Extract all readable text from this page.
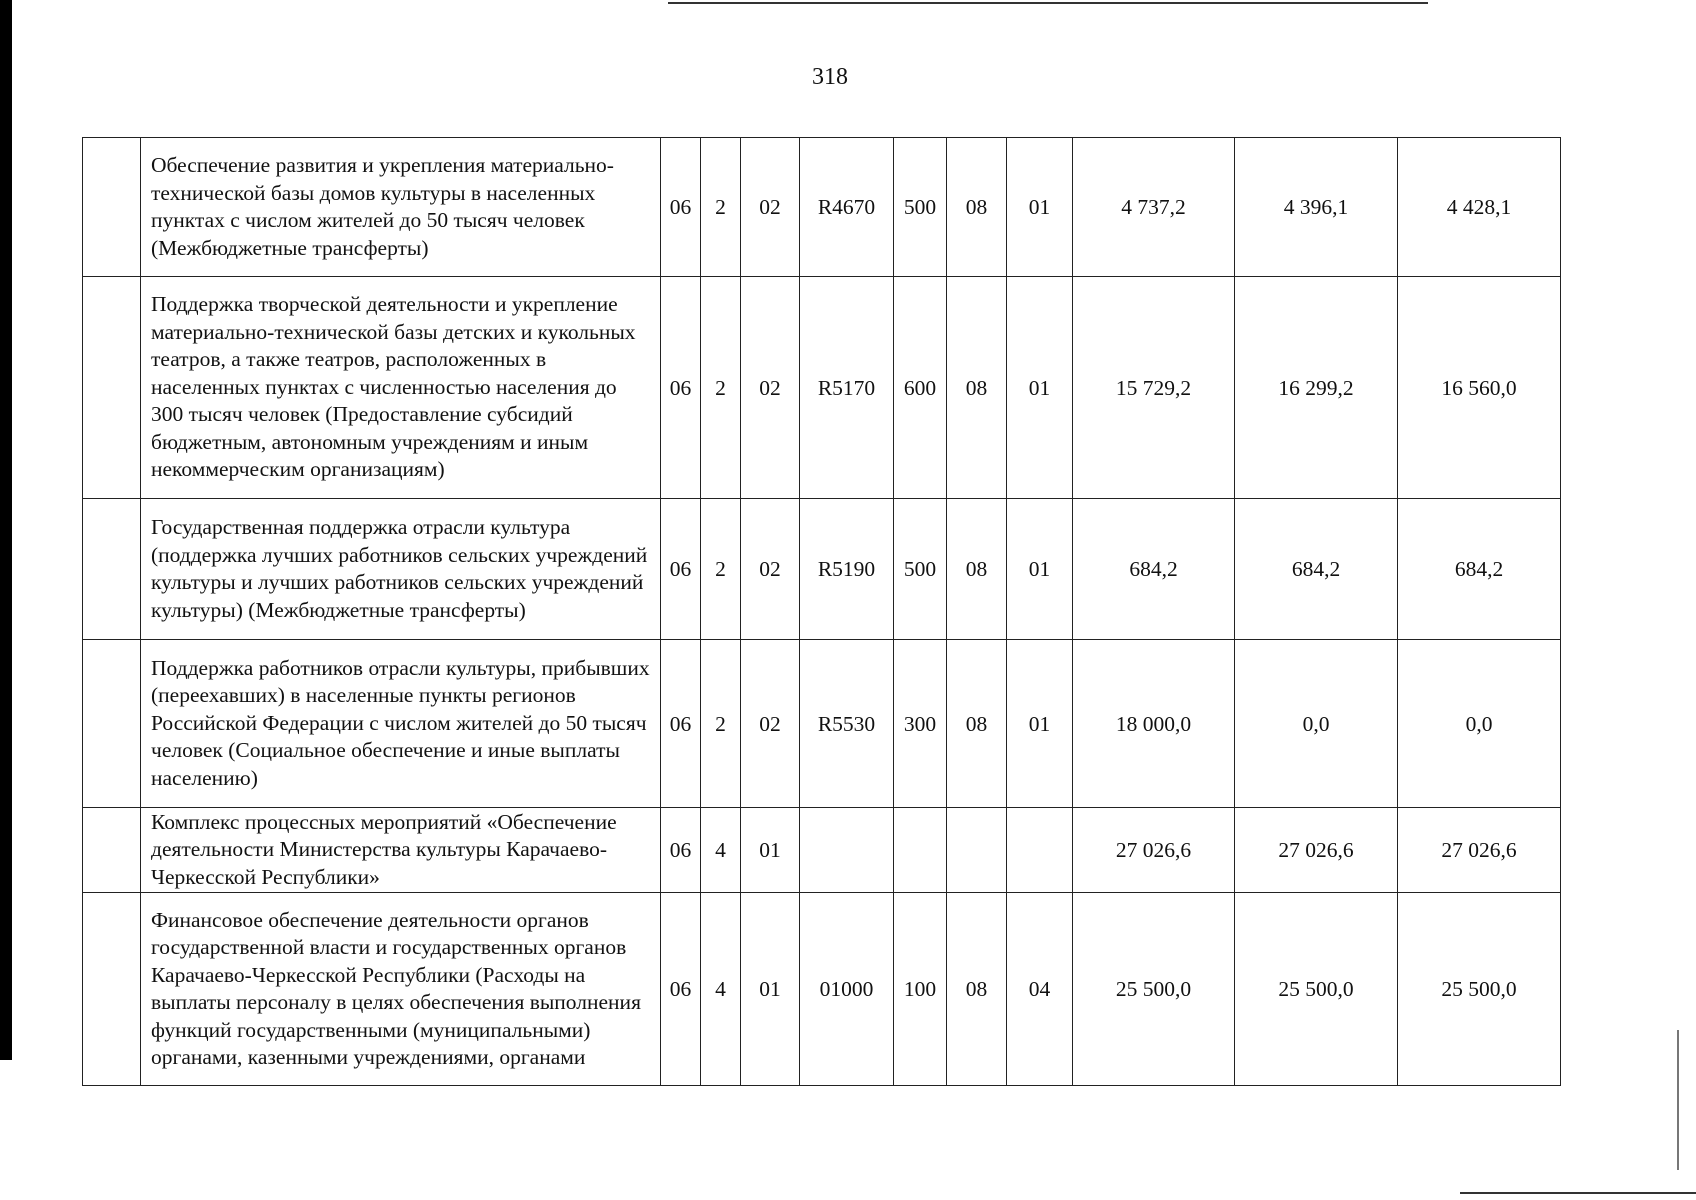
318
	Обеспечение развития и укрепления материально-технической базы домов культуры в населенных пунктах с числом жителей до 50 тысяч человек (Межбюджетные трансферты)	06	2	02	R4670	500	08	01	4 737,2	4 396,1	4 428,1
	Поддержка творческой деятельности и укрепление материально-технической базы детских и кукольных театров, а также театров, расположенных в населенных пунктах с численностью населения до 300 тысяч человек (Предоставление субсидий бюджетным, автономным учреждениям и иным некоммерческим организациям)	06	2	02	R5170	600	08	01	15 729,2	16 299,2	16 560,0
	Государственная поддержка отрасли культура (поддержка лучших работников сельских учреждений культуры и лучших работников сельских учреждений культуры) (Межбюджетные трансферты)	06	2	02	R5190	500	08	01	684,2	684,2	684,2
	Поддержка работников отрасли культуры, прибывших (переехавших) в населенные пункты регионов Российской Федерации с числом жителей до 50 тысяч человек (Социальное обеспечение и иные выплаты населению)	06	2	02	R5530	300	08	01	18 000,0	0,0	0,0
	Комплекс процессных мероприятий «Обеспечение деятельности Министерства культуры Карачаево-Черкесской Республики»	06	4	01					27 026,6	27 026,6	27 026,6
	Финансовое обеспечение деятельности органов государственной власти и государственных органов Карачаево-Черкесской Республики (Расходы на выплаты персоналу в целях обеспечения выполнения функций государственными (муниципальными) органами, казенными учреждениями, органами	06	4	01	01000	100	08	04	25 500,0	25 500,0	25 500,0
